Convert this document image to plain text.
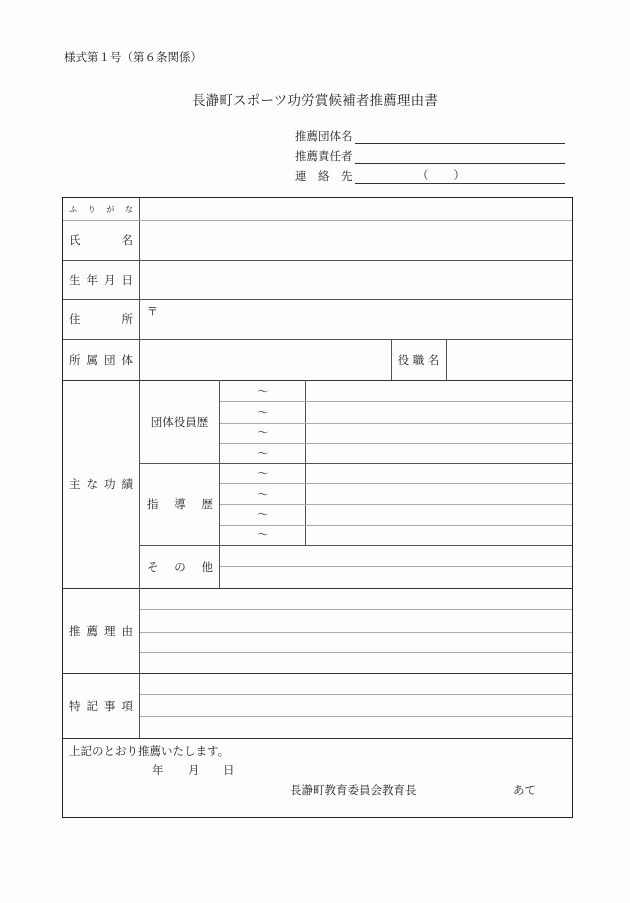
様式第１号（第６条関係）
長瀞町スポーツ功労賞候補者推薦理由書
推薦団体名
推薦責任者
連　絡　先	（ ）
ふ り が な
氏	名
生 年 月 日
住	所
〒
所 属 団 体	役 職 名
主 な 功 績
団体役員歴
～
～
～
～
指 導 歴
～
～
～
～
そ の 他
推 薦 理 由
特 記 事 項
上記のとおり推薦いたします。
年 月 日
長瀞町教育委員会教育長	あて
